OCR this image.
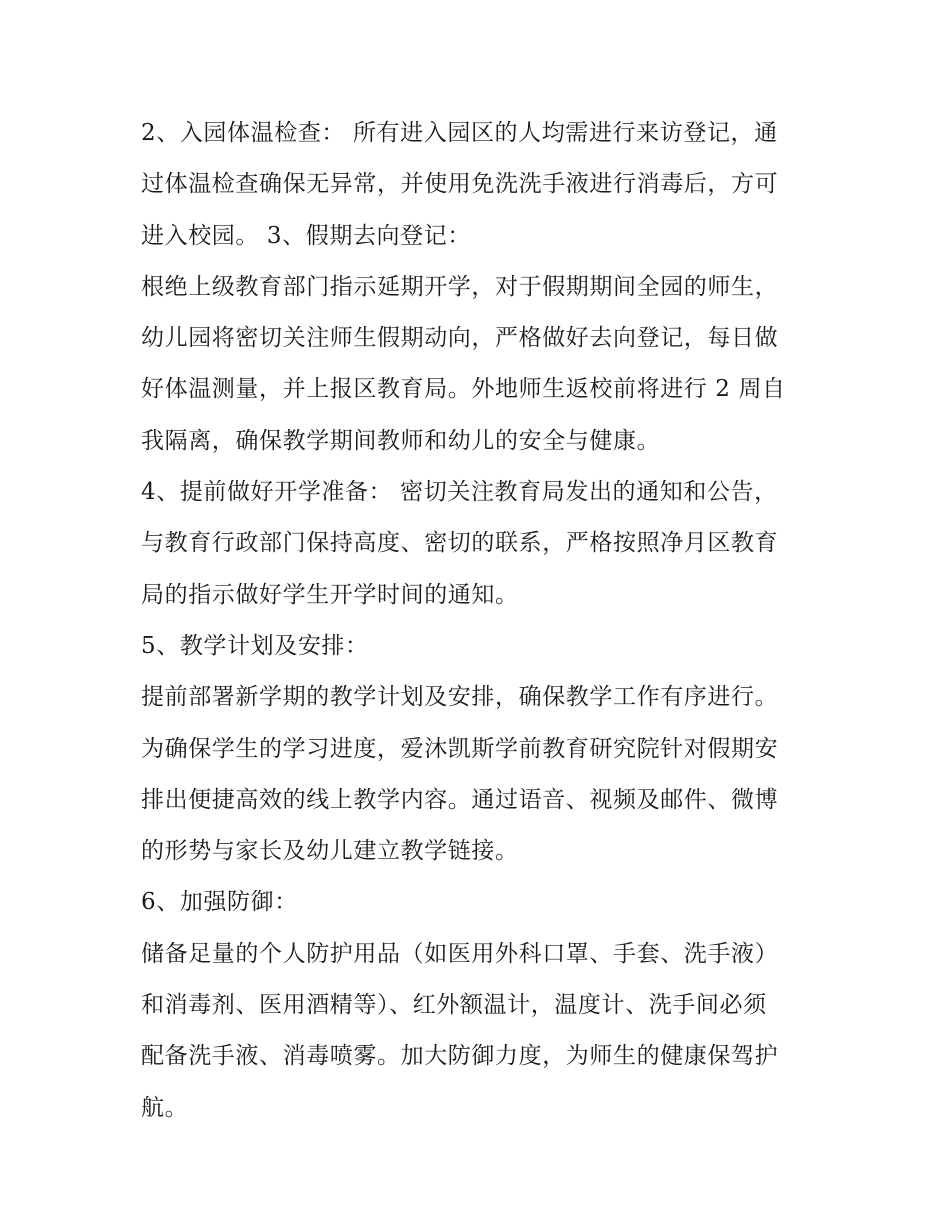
2、入园体温检查： 所有进入园区的人均需进行来访登记，通
过体温检查确保无异常，并使用免洗洗手液进行消毒后，方可
进入校园。 3、假期去向登记：
根绝上级教育部门指示延期开学，对于假期期间全园的师生，
幼儿园将密切关注师生假期动向，严格做好去向登记，每日做
好体温测量，并上报区教育局。外地师生返校前将进行 2 周自
我隔离，确保教学期间教师和幼儿的安全与健康。
4、提前做好开学准备： 密切关注教育局发出的通知和公告，
与教育行政部门保持高度、密切的联系，严格按照净月区教育
局的指示做好学生开学时间的通知。
5、教学计划及安排：
提前部署新学期的教学计划及安排，确保教学工作有序进行。
为确保学生的学习进度，爱沐凯斯学前教育研究院针对假期安
排出便捷高效的线上教学内容。通过语音、视频及邮件、微博
的形势与家长及幼儿建立教学链接。
6、加强防御：
储备足量的个人防护用品（如医用外科口罩、手套、洗手液）
和消毒剂、医用酒精等）、红外额温计，温度计、洗手间必须
配备洗手液、消毒喷雾。加大防御力度，为师生的健康保驾护
航。
